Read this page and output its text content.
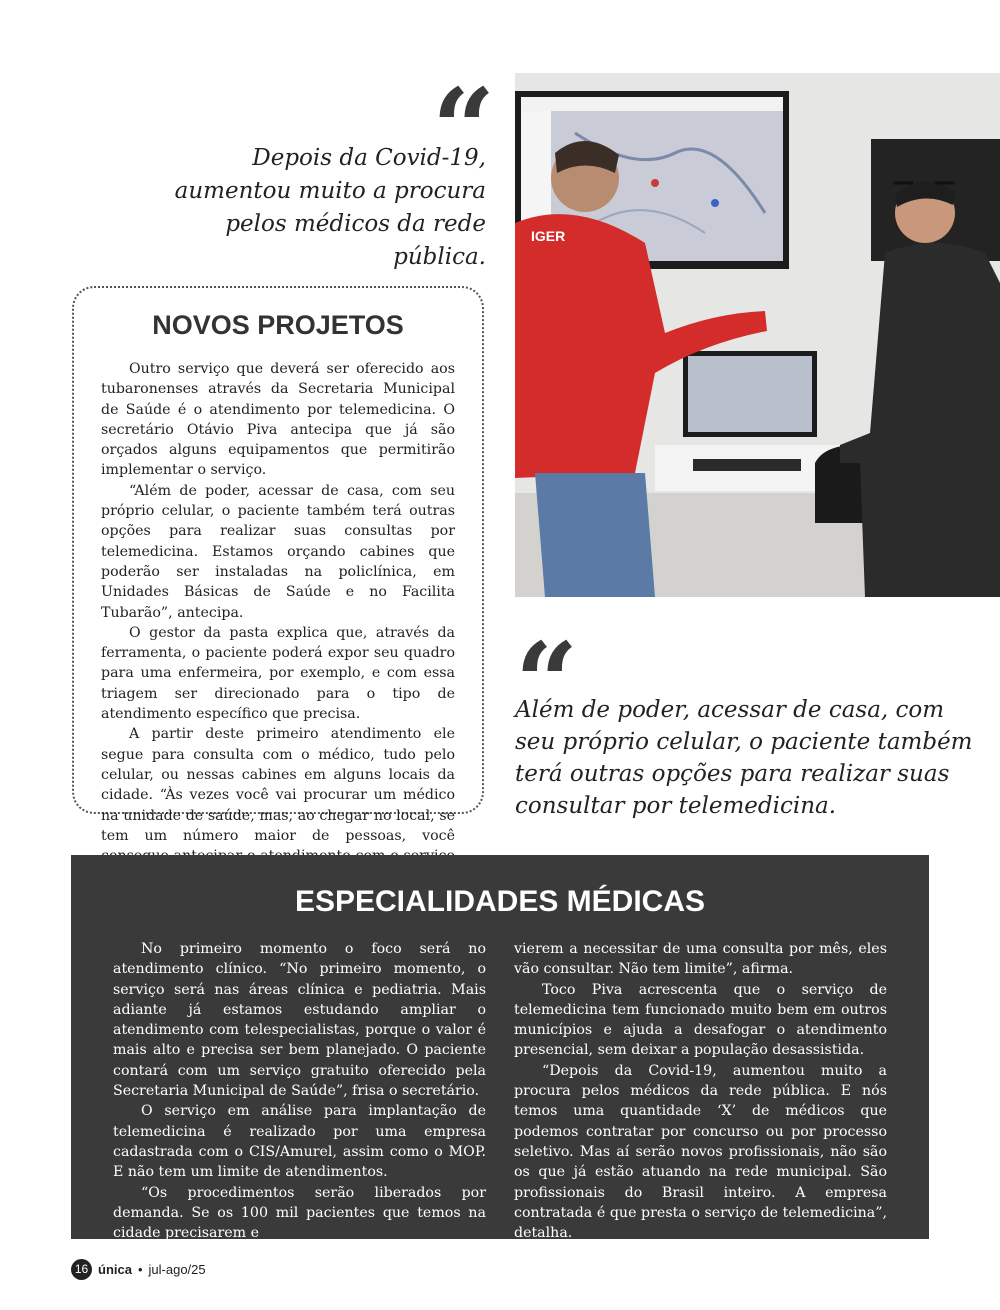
“
Depois da Covid-19,
aumentou muito a procura
pelos médicos da rede pública.
NOVOS PROJETOS

Outro serviço que deverá ser oferecido aos tubaronenses através da Secretaria Municipal de Saúde é o atendimento por telemedicina. O secretário Otávio Piva antecipa que já são orçados alguns equipamentos que permitirão implementar o serviço.

“Além de poder, acessar de casa, com seu próprio celular, o paciente também terá outras opções para realizar suas consultas por telemedicina. Estamos orçando cabines que poderão ser instaladas na policlínica, em Unidades Básicas de Saúde e no Facilita Tubarão”, antecipa.

O gestor da pasta explica que, através da ferramenta, o paciente poderá expor seu quadro para uma enfermeira, por exemplo, e com essa triagem ser direcionado para o tipo de atendimento específico que precisa.

A partir deste primeiro atendimento ele segue para consulta com o médico, tudo pelo celular, ou nessas cabines em alguns locais da cidade. “Às vezes você vai procurar um médico na unidade de saúde, mas, ao chegar no local, se tem um número maior de pessoas, você

IGER
“
Além de poder, acessar de casa, com
seu próprio celular, o paciente também
terá outras opções para realizar suas
consultar por telemedicina.
ESPECIALIDADES MÉDICAS

No primeiro momento o foco será no atendimento clínico. “No primeiro momento, o serviço será nas áreas clínica e pediatria. Mais adiante já estamos estudando ampliar o atendimento com telespecialistas, porque o valor é mais alto e precisa ser bem planejado. O paciente contará com um serviço gratuito oferecido pela Secretaria Municipal de Saúde”, frisa o secretário.

O serviço em análise para implantação de telemedicina é realizado por uma empresa cadastrada com o CIS/Amurel, assim como o MOP. E não tem um limite de atendimentos.

“Os procedimentos serão liberados por demanda. Se os 100 mil pacientes que temos na cidade precisarem e

vierem a necessitar de uma consulta por mês, eles vão consultar. Não tem limite”, afirma.

Toco Piva acrescenta que o serviço de telemedicina tem funcionado muito bem em outros municípios e ajuda a desafogar o atendimento presencial, sem deixar a população desassistida.

“Depois da Covid-19, aumentou muito a procura pelos médicos da rede pública. E nós temos uma quantidade ‘X’ de médicos que podemos contratar por concurso ou por processo seletivo. Mas aí serão novos profissionais, não são os que já estão atuando na rede municipal. São profissionais do Brasil inteiro. A empresa contratada é que presta o serviço de telemedicina”, detalha.

16 única • jul-ago/25
